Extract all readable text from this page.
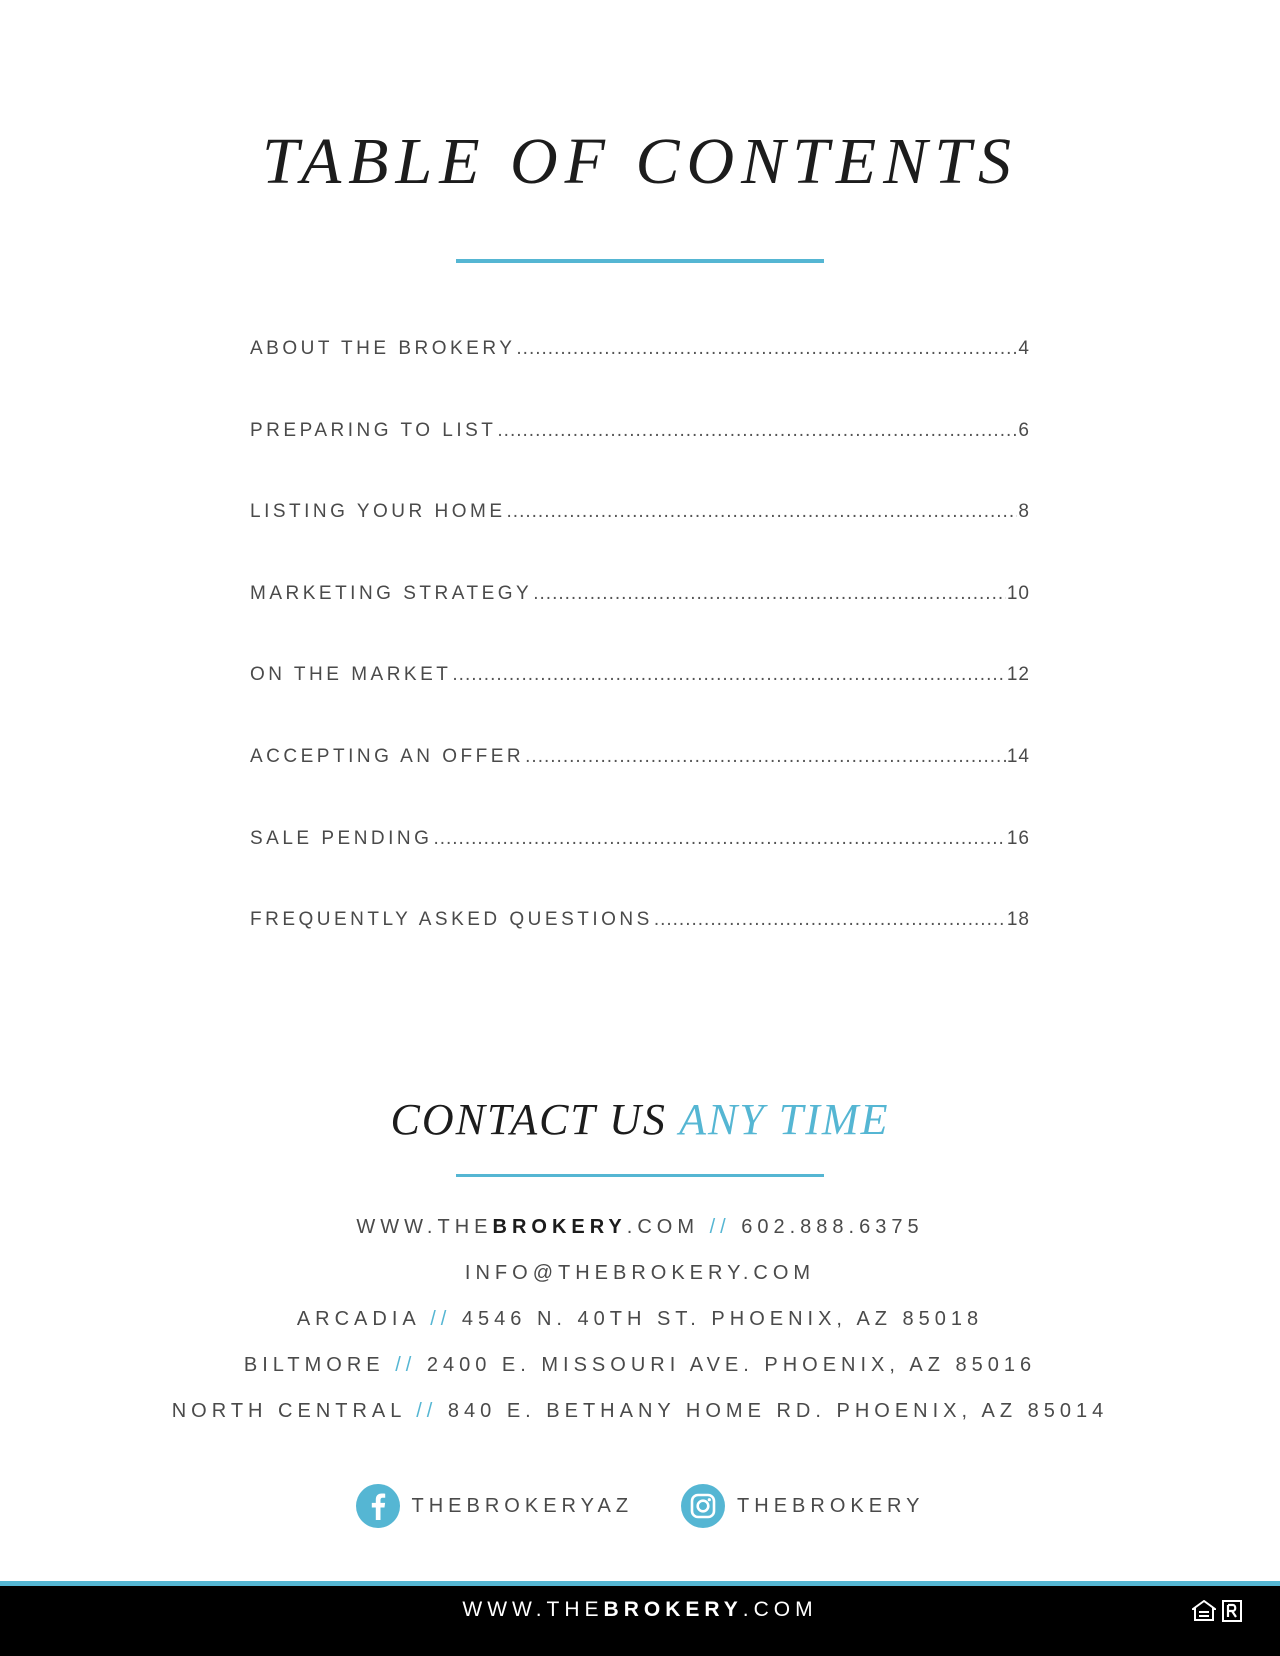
TABLE OF CONTENTS
ABOUT THE BROKERY .....	4
PREPARING TO LIST .....	6
LISTING YOUR HOME .....	8
MARKETING STRATEGY .....	10
ON THE MARKET .....	12
ACCEPTING AN OFFER .....	14
SALE PENDING .....	16
FREQUENTLY ASKED QUESTIONS .....	18
CONTACT US ANY TIME
WWW.THEBROKERY.COM // 602.888.6375
INFO@THEBROKERY.COM
ARCADIA // 4546 N. 40TH ST. PHOENIX, AZ 85018
BILTMORE // 2400 E. MISSOURI AVE. PHOENIX, AZ 85016
NORTH CENTRAL // 840 E. BETHANY HOME RD. PHOENIX, AZ 85014
THEBROKERYAZ	THEBROKERY
WWW.THEBROKERY.COM
